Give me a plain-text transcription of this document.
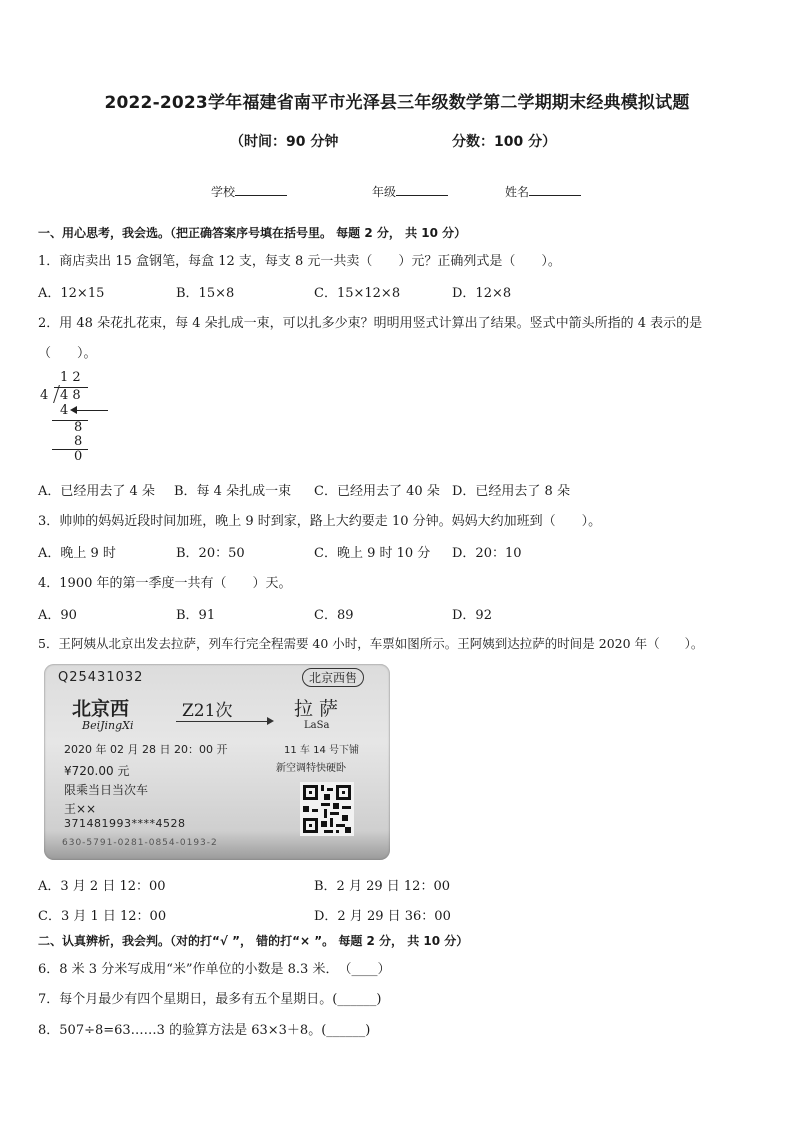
2022-2023学年福建省南平市光泽县三年级数学第二学期期末经典模拟试题
（时间：90 分钟	分数：100 分）
学校	年级	姓名
一、用心思考，我会选。（把正确答案序号填在括号里。 每题 2 分， 共 10 分）
1．商店卖出 15 盒钢笔，每盒 12 支，每支 8 元一共卖（　　）元？正确列式是（　　）。
A．12×15	B．15×8	C．15×12×8	D．12×8
2．用 48 朵花扎花束，每 4 朵扎成一束，可以扎多少束？明明用竖式计算出了结果。竖式中箭头所指的 4 表示的是
（　　）。
1 2
4 4 8
4
8
8
0
A．已经用去了 4 朵 B．每 4 朵扎成一束 C．已经用去了 40 朵 D．已经用去了 8 朵
3．帅帅的妈妈近段时间加班，晚上 9 时到家，路上大约要走 10 分钟。妈妈大约加班到（　　）。
A．晚上 9 时	B．20：50	C．晚上 9 时 10 分 D．20：10
4．1900 年的第一季度一共有（　　）天。
A．90	B．91	C．89	D．92
5．王阿姨从北京出发去拉萨，列车行完全程需要 40 小时，车票如图所示。王阿姨到达拉萨的时间是 2020 年（　　）。
Q25431032	北京西售
北京西
BeiJingXi
Z21次	拉萨
LaSa
2020 年 02 月 28 日 20：00 开	11 车 14 号下铺
新空调特快硬卧
¥720.00 元
限乘当日当次车
王××
371481993****4528
630-5791-0281-0854-0193-2
A．3 月 2 日 12：00	B．2 月 29 日 12：00
C．3 月 1 日 12：00	D．2 月 29 日 36：00
二、认真辨析，我会判。（对的打“√ ”， 错的打“× ”。 每题 2 分， 共 10 分）
6．8 米 3 分米写成用“米”作单位的小数是 8.3 米．　（____）
7．每个月最少有四个星期日，最多有五个星期日。(______)
8．507÷8=63……3 的验算方法是 63×3＋8。(______)
